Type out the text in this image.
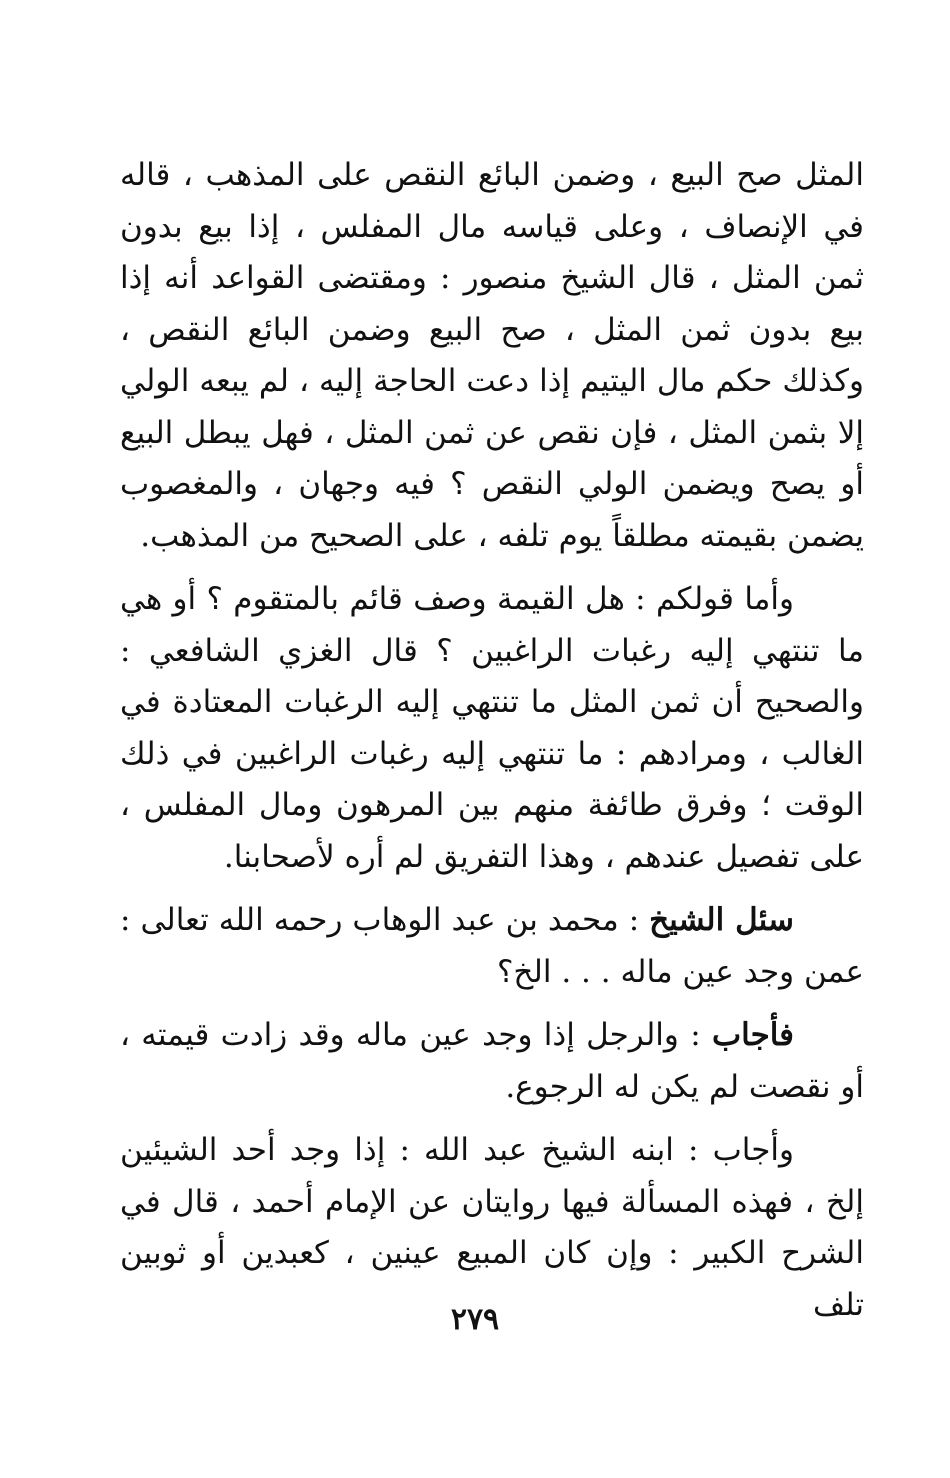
المثل صح البيع ، وضمن البائع النقص على المذهب ، قاله في الإنصاف ، وعلى قياسه مال المفلس ، إذا بيع بدون ثمن المثل ، قال الشيخ منصور : ومقتضى القواعد أنه إذا بيع بدون ثمن المثل ، صح البيع وضمن البائع النقص ، وكذلك حكم مال اليتيم إذا دعت الحاجة إليه ، لم يبعه الولي إلا بثمن المثل ، فإن نقص عن ثمن المثل ، فهل يبطل البيع أو يصح ويضمن الولي النقص ؟ فيه وجهان ، والمغصوب يضمن بقيمته مطلقاً يوم تلفه ، على الصحيح من المذهب.

وأما قولكم : هل القيمة وصف قائم بالمتقوم ؟ أو هي ما تنتهي إليه رغبات الراغبين ؟ قال الغزي الشافعي : والصحيح أن ثمن المثل ما تنتهي إليه الرغبات المعتادة في الغالب ، ومرادهم : ما تنتهي إليه رغبات الراغبين في ذلك الوقت ؛ وفرق طائفة منهم بين المرهون ومال المفلس ، على تفصيل عندهم ، وهذا التفريق لم أره لأصحابنا.

سئل الشيخ : محمد بن عبد الوهاب رحمه الله تعالى : عمن وجد عين ماله . . . الخ؟

فأجاب : والرجل إذا وجد عين ماله وقد زادت قيمته ، أو نقصت لم يكن له الرجوع.

وأجاب : ابنه الشيخ عبد الله : إذا وجد أحد الشيئين إلخ ، فهذه المسألة فيها روايتان عن الإمام أحمد ، قال في الشرح الكبير : وإن كان المبيع عينين ، كعبدين أو ثوبين تلف

٢٧٩
